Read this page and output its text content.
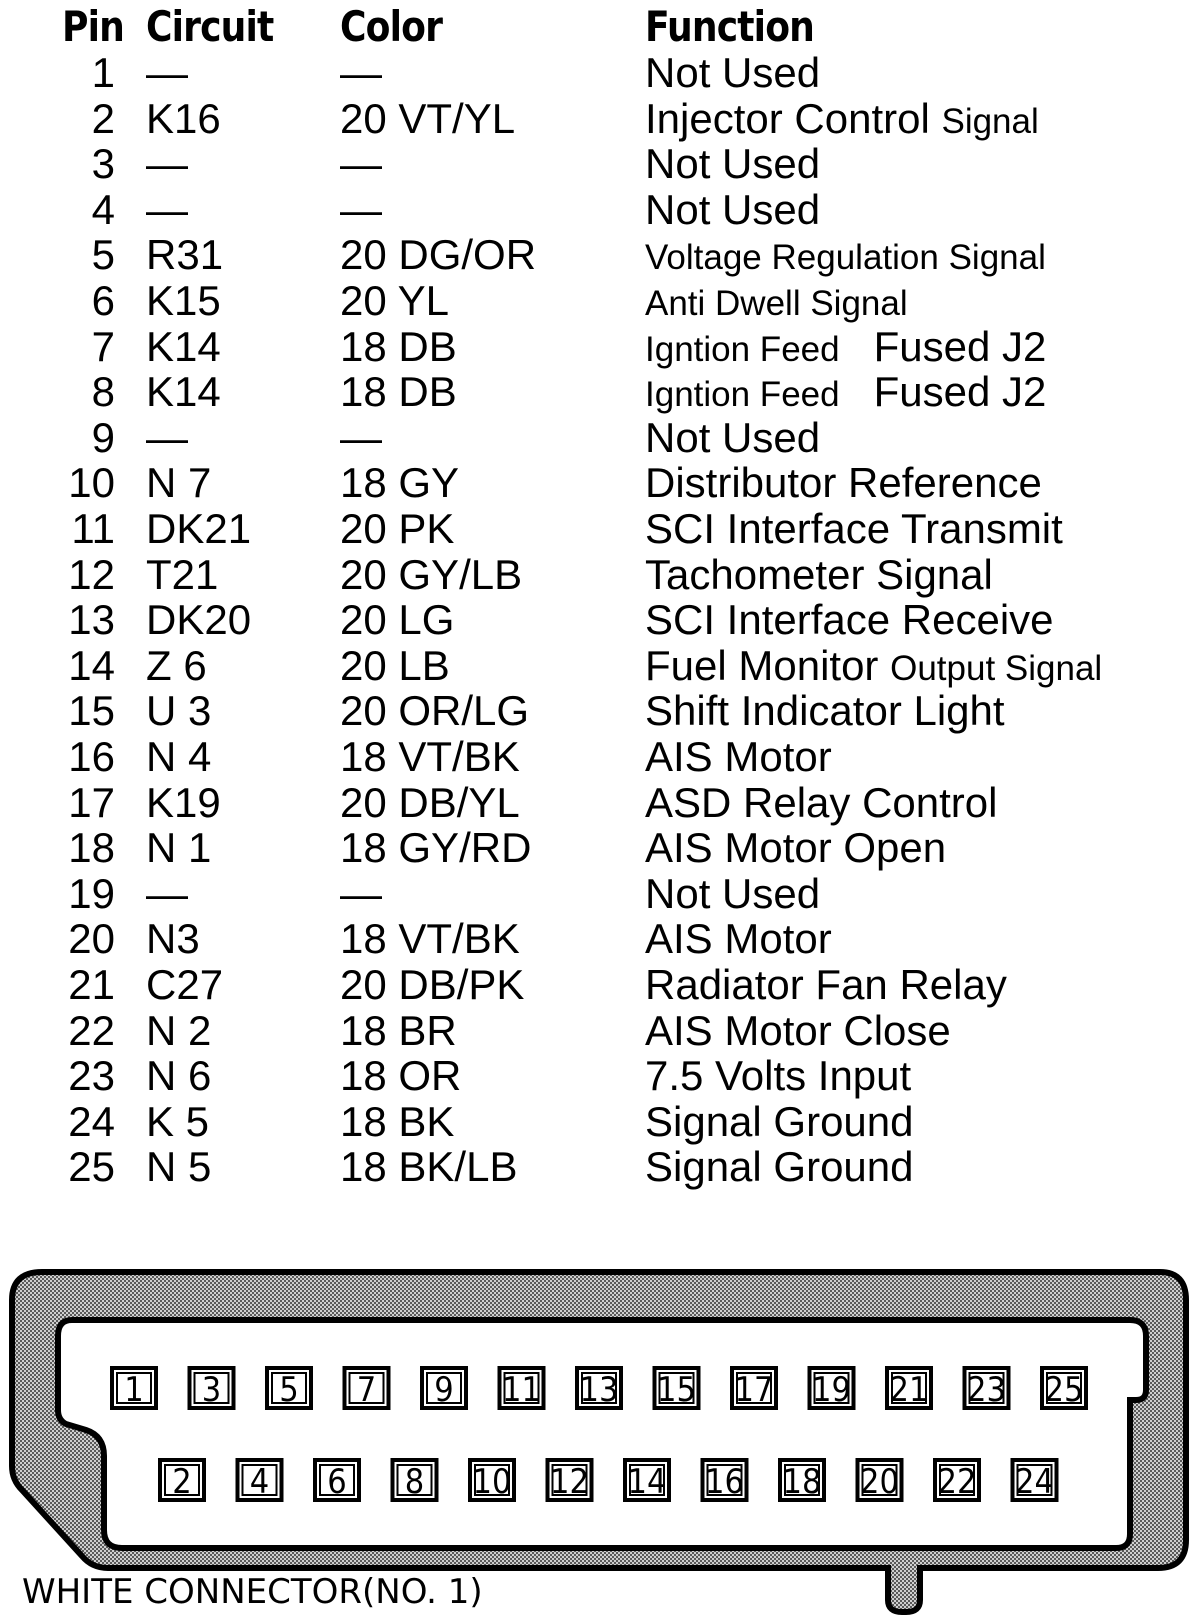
Pin Circuit Color	Function
1 —	—	Not Used
2 K16	20 VT/YL	Injector Control Signal
3 —	—	Not Used
4 —	—	Not Used
5 R31	20 DG/OR	Voltage Regulation Signal
6 K15	20 YL	Anti Dwell Signal
7 K14	18 DB	Igntion Feed Fused J2
8 K14	18 DB	Igntion Feed Fused J2
9 —	—	Not Used
10 N 7	18 GY	Distributor Reference
11 DK21 20 PK	SCI Interface Transmit
12 T21	20 GY/LB	Tachometer Signal
13 DK20 20 LG	SCI Interface Receive
14 Z 6	20 LB	Fuel Monitor Output Signal
15 U 3	20 OR/LG	Shift Indicator Light
16 N 4	18 VT/BK	AIS Motor
17 K19	20 DB/YL	ASD Relay Control
18 N 1	18 GY/RD	AIS Motor Open
19 —	—	Not Used
20 N3	18 VT/BK	AIS Motor
21 C27	20 DB/PK	Radiator Fan Relay
22 N 2	18 BR	AIS Motor Close
23 N 6	18 OR	7.5 Volts Input
24 K 5	18 BK	Signal Ground
25 N 5	18 BK/LB	Signal Ground
1 3 5 7 9 11 13 15 17 19 21 23 25
2 4 6 8 10 12 14 16 18 20 22 24
WHITE CONNECTOR(NO. 1)
